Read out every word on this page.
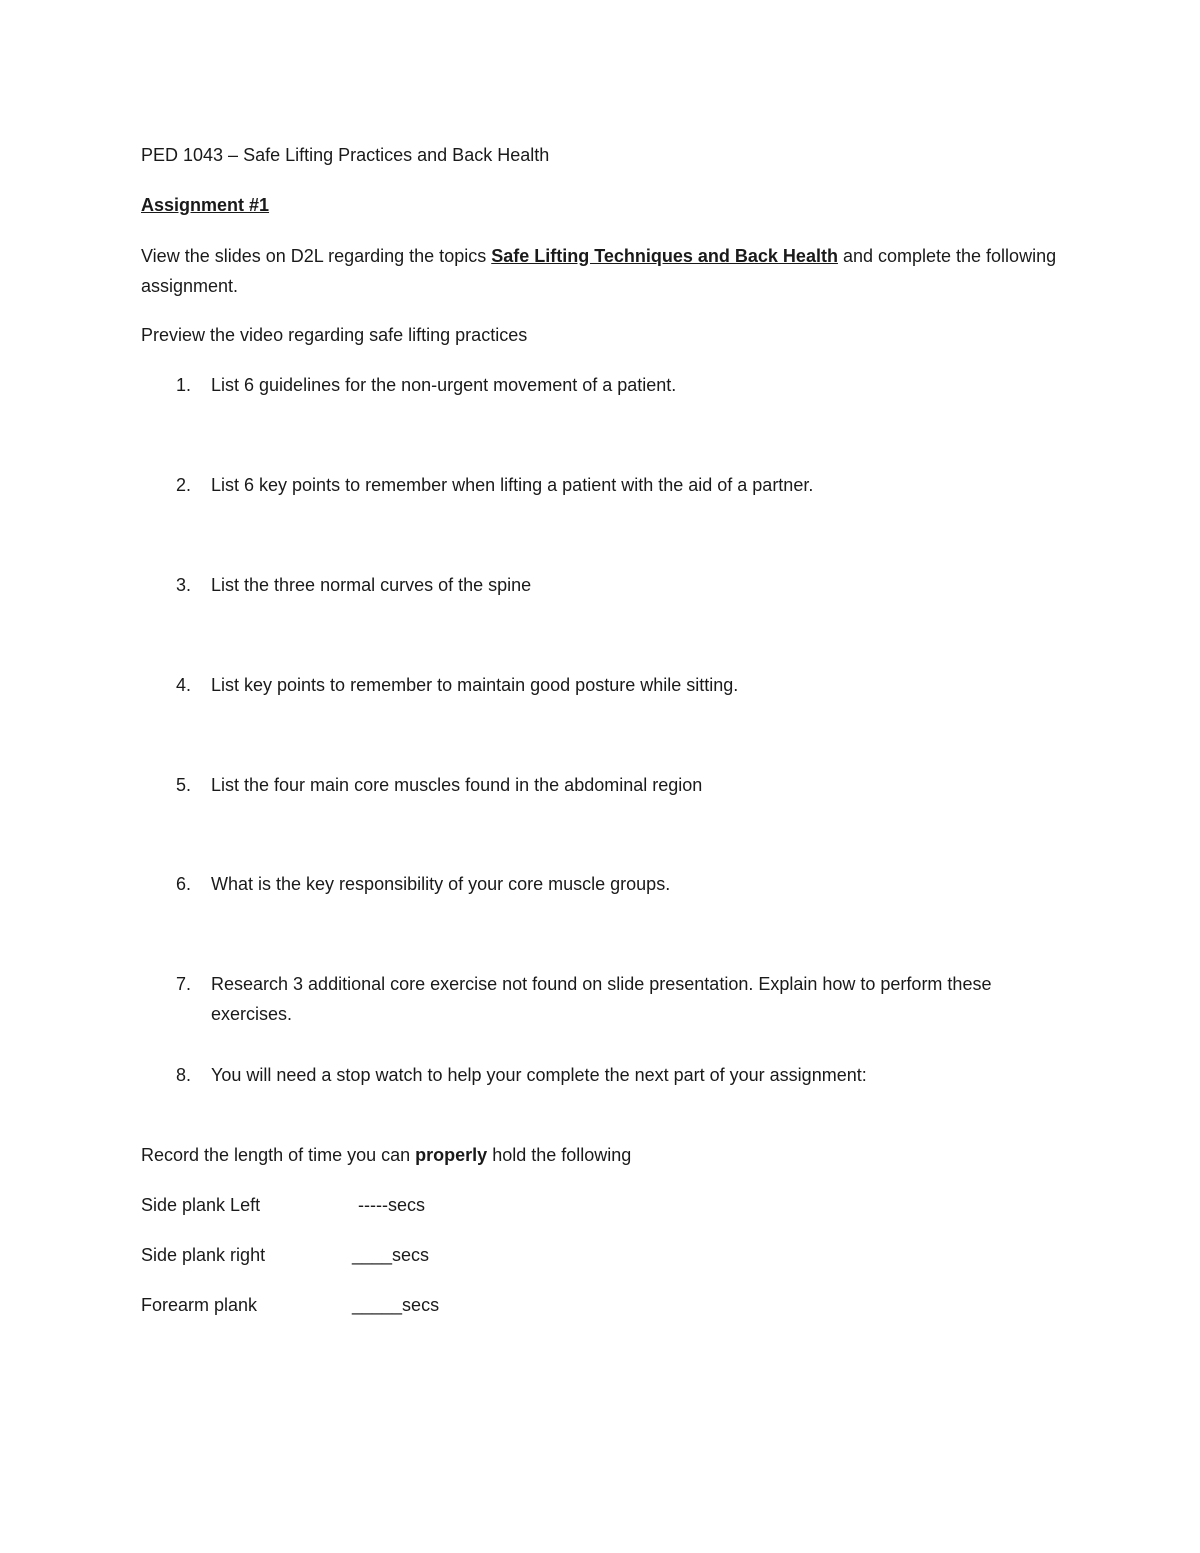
PED 1043 – Safe Lifting Practices and Back Health
Assignment #1
View the slides on D2L regarding the topics Safe Lifting Techniques and Back Health and complete the following assignment.
Preview the video regarding safe lifting practices
1.	List 6 guidelines for the non-urgent movement of a patient.
2.	List 6 key points to remember when lifting a patient with the aid of a partner.
3.	List the three normal curves of the spine
4.	List key points to remember to maintain good posture while sitting.
5.	List the four main core muscles found in the abdominal region
6.	What is the key responsibility of your core muscle groups.
7.	Research 3 additional core exercise not found on slide presentation. Explain how to perform these exercises.
8.	You will need a stop watch to help your complete the next part of your assignment:
Record the length of time you can properly hold the following
Side plank Left	-----secs
Side plank right	____secs
Forearm plank	_____secs
